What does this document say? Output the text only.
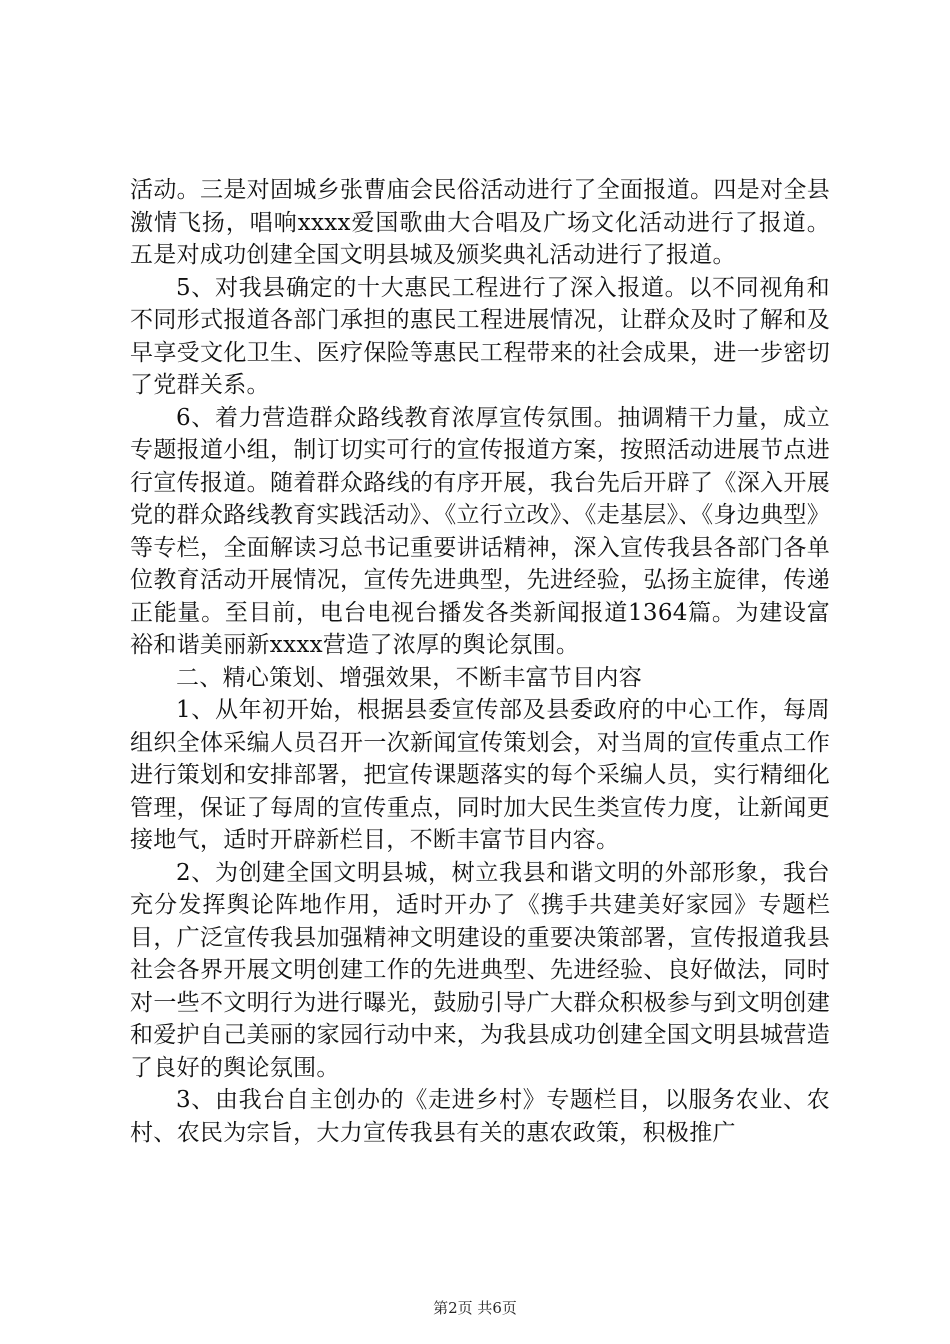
活动。三是对固城乡张曹庙会民俗活动进行了全面报道。四是对全县激情飞扬，唱响xxxx爱国歌曲大合唱及广场文化活动进行了报道。五是对成功创建全国文明县城及颁奖典礼活动进行了报道。

5、对我县确定的十大惠民工程进行了深入报道。以不同视角和不同形式报道各部门承担的惠民工程进展情况，让群众及时了解和及早享受文化卫生、医疗保险等惠民工程带来的社会成果，进一步密切了党群关系。

6、着力营造群众路线教育浓厚宣传氛围。抽调精干力量，成立专题报道小组，制订切实可行的宣传报道方案，按照活动进展节点进行宣传报道。随着群众路线的有序开展，我台先后开辟了《深入开展党的群众路线教育实践活动》、《立行立改》、《走基层》、《身边典型》等专栏，全面解读习总书记重要讲话精神，深入宣传我县各部门各单位教育活动开展情况，宣传先进典型，先进经验，弘扬主旋律，传递正能量。至目前，电台电视台播发各类新闻报道1364篇。为建设富裕和谐美丽新xxxx营造了浓厚的舆论氛围。

二、精心策划、增强效果，不断丰富节目内容

1、从年初开始，根据县委宣传部及县委政府的中心工作，每周组织全体采编人员召开一次新闻宣传策划会，对当周的宣传重点工作进行策划和安排部署，把宣传课题落实的每个采编人员，实行精细化管理，保证了每周的宣传重点，同时加大民生类宣传力度，让新闻更接地气，适时开辟新栏目，不断丰富节目内容。

2、为创建全国文明县城，树立我县和谐文明的外部形象，我台充分发挥舆论阵地作用，适时开办了《携手共建美好家园》专题栏目，广泛宣传我县加强精神文明建设的重要决策部署，宣传报道我县社会各界开展文明创建工作的先进典型、先进经验、良好做法，同时对一些不文明行为进行曝光，鼓励引导广大群众积极参与到文明创建和爱护自己美丽的家园行动中来，为我县成功创建全国文明县城营造了良好的舆论氛围。

3、由我台自主创办的《走进乡村》专题栏目，以服务农业、农村、农民为宗旨，大力宣传我县有关的惠农政策，积极推广

第2页 共6页
